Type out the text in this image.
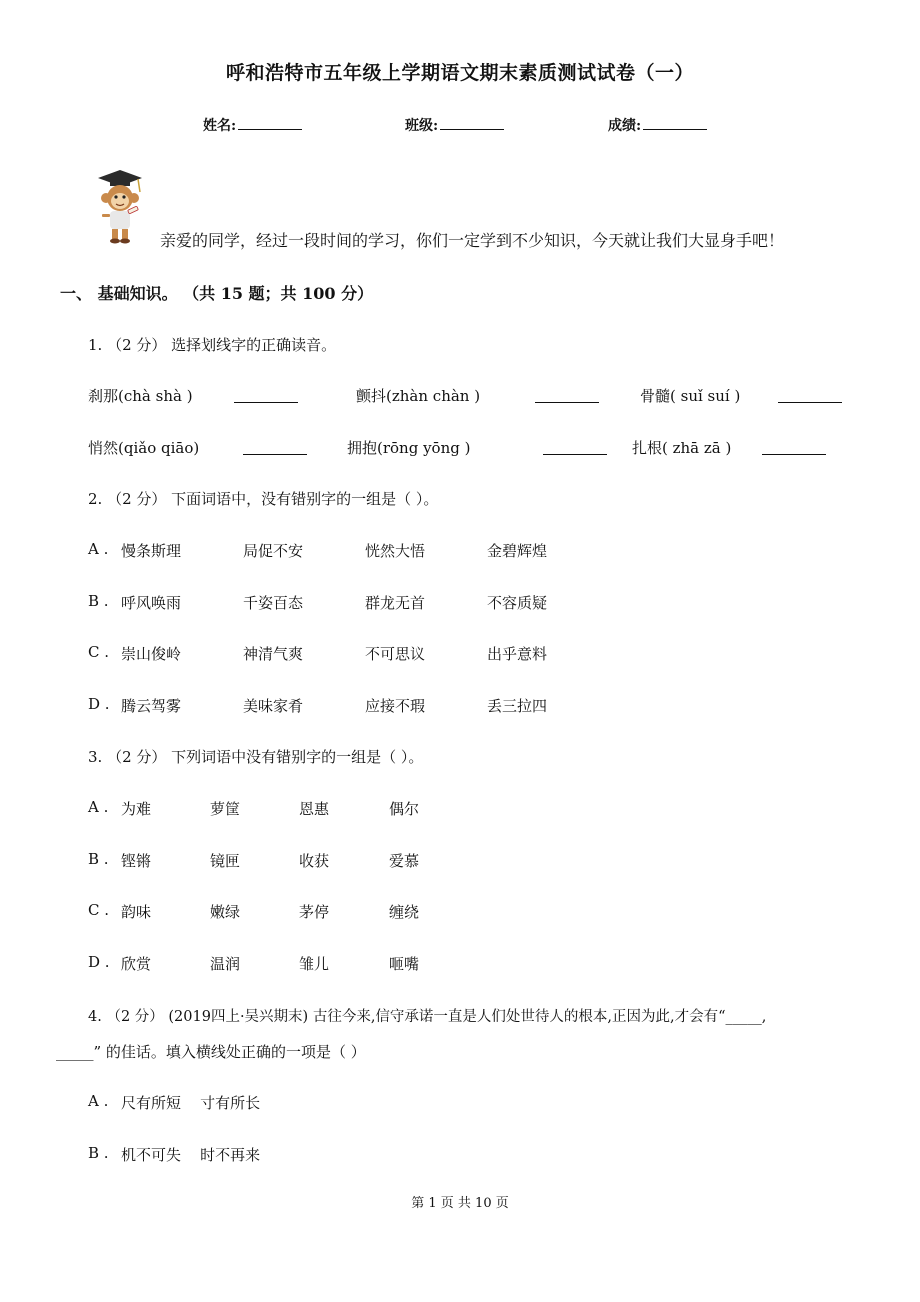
呼和浩特市五年级上学期语文期末素质测试试卷（一）
姓名:	班级:	成绩:
亲爱的同学，经过一段时间的学习，你们一定学到不少知识，今天就让我们大显身手吧！
一、 基础知识。 （共 15 题；共 100 分）
1. （2 分） 选择划线字的正确读音。
刹那(chà shà )	颤抖(zhàn chàn )	骨髓( suǐ suí )
悄然(qiǎo qiāo)	拥抱(rōng yōng )	扎根( zhā zā )
2. （2 分） 下面词语中，没有错别字的一组是（ ）。
A . 慢条斯理	局促不安	恍然大悟	金碧辉煌
B . 呼风唤雨	千姿百态	群龙无首	不容质疑
C . 崇山俊岭	神清气爽	不可思议	出乎意料
D . 腾云驾雾	美味家肴	应接不瑕	丢三拉四
3. （2 分） 下列词语中没有错别字的一组是（ ）。
A . 为难	萝筐	恩惠	偶尔
B . 铿锵	镜匣	收获	爱慕
C . 韵味	嫩绿	茅停	缠绕
D . 欣赏	温润	雏儿	咂嘴
4. （2 分） (2019四上·吴兴期末) 古往今来,信守承诺一直是人们处世待人的根本,正因为此,才会有“_____,
_____” 的佳话。填入横线处正确的一项是（ ）
A . 尺有所短    寸有所长
B . 机不可失    时不再来
第 1 页 共 10 页
